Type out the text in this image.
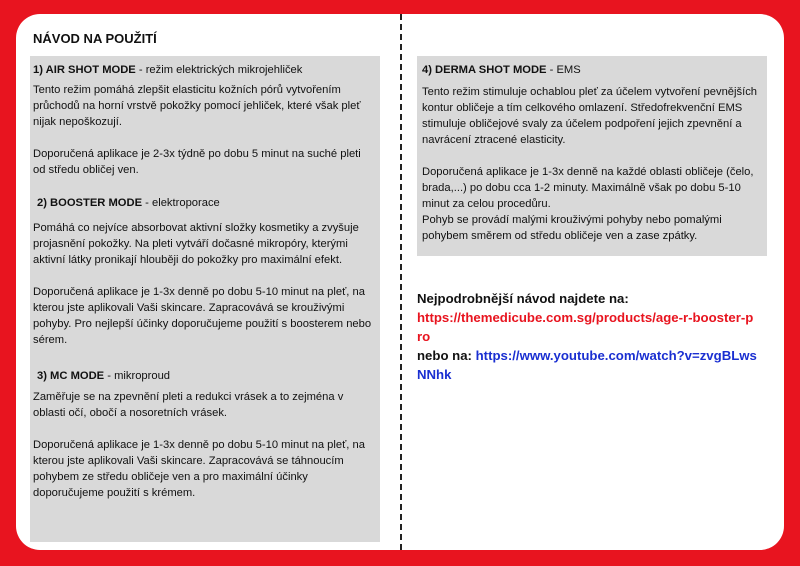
NÁVOD NA POUŽITÍ
1) AIR SHOT MODE - režim elektrických mikrojehliček

Tento režim pomáhá zlepšit elasticitu kožních pórů vytvořením průchodů na horní vrstvě pokožky pomocí jehliček, které však pleť nijak nepoškozují.

Doporučená aplikace je 2-3x týdně po dobu 5 minut na suché pleti od středu obličej ven.

2) BOOSTER MODE - elektroporace

Pomáhá co nejvíce absorbovat aktivní složky kosmetiky a zvyšuje projasnění pokožky. Na pleti vytváří dočasné mikropóry, kterými aktivní látky pronikají hlouběji do pokožky pro maximální efekt.

Doporučená aplikace je 1-3x denně po dobu 5-10 minut na pleť, na kterou jste aplikovali Vaši skincare. Zapracovává se krouživými pohyby. Pro nejlepší účinky doporučujeme použití s boosterem nebo sérem.

3) MC MODE - mikroproud

Zaměřuje se na zpevnění pleti a redukci vrásek a to zejména v oblasti očí, obočí a nosoretních vrásek.

Doporučená aplikace je 1-3x denně po dobu 5-10 minut na pleť, na kterou jste aplikovali Vaši skincare. Zapracovává se táhnoucím pohybem ze středu obličeje ven a pro maximální účinky doporučujeme použití s krémem.

4) DERMA SHOT MODE - EMS

Tento režim stimuluje ochablou pleť za účelem vytvoření pevnějších kontur obličeje a tím celkového omlazení. Středofrekvenční EMS stimuluje obličejové svaly za účelem podpoření jejich zpevnění a navrácení ztracené elasticity.

Doporučená aplikace je 1-3x denně na každé oblasti obličeje (čelo, brada,...) po dobu cca 1-2 minuty. Maximálně však po dobu 5-10 minut za celou procedůru.

Pohyb se provádí malými krouživými pohyby nebo pomalými pohybem směrem od středu obličeje ven a zase zpátky.

Nejpodrobnější návod najdete na:
https://themedicube.com.sg/products/age-r-booster-pro
nebo na: https://www.youtube.com/watch?v=zvgBLwsNNhk
